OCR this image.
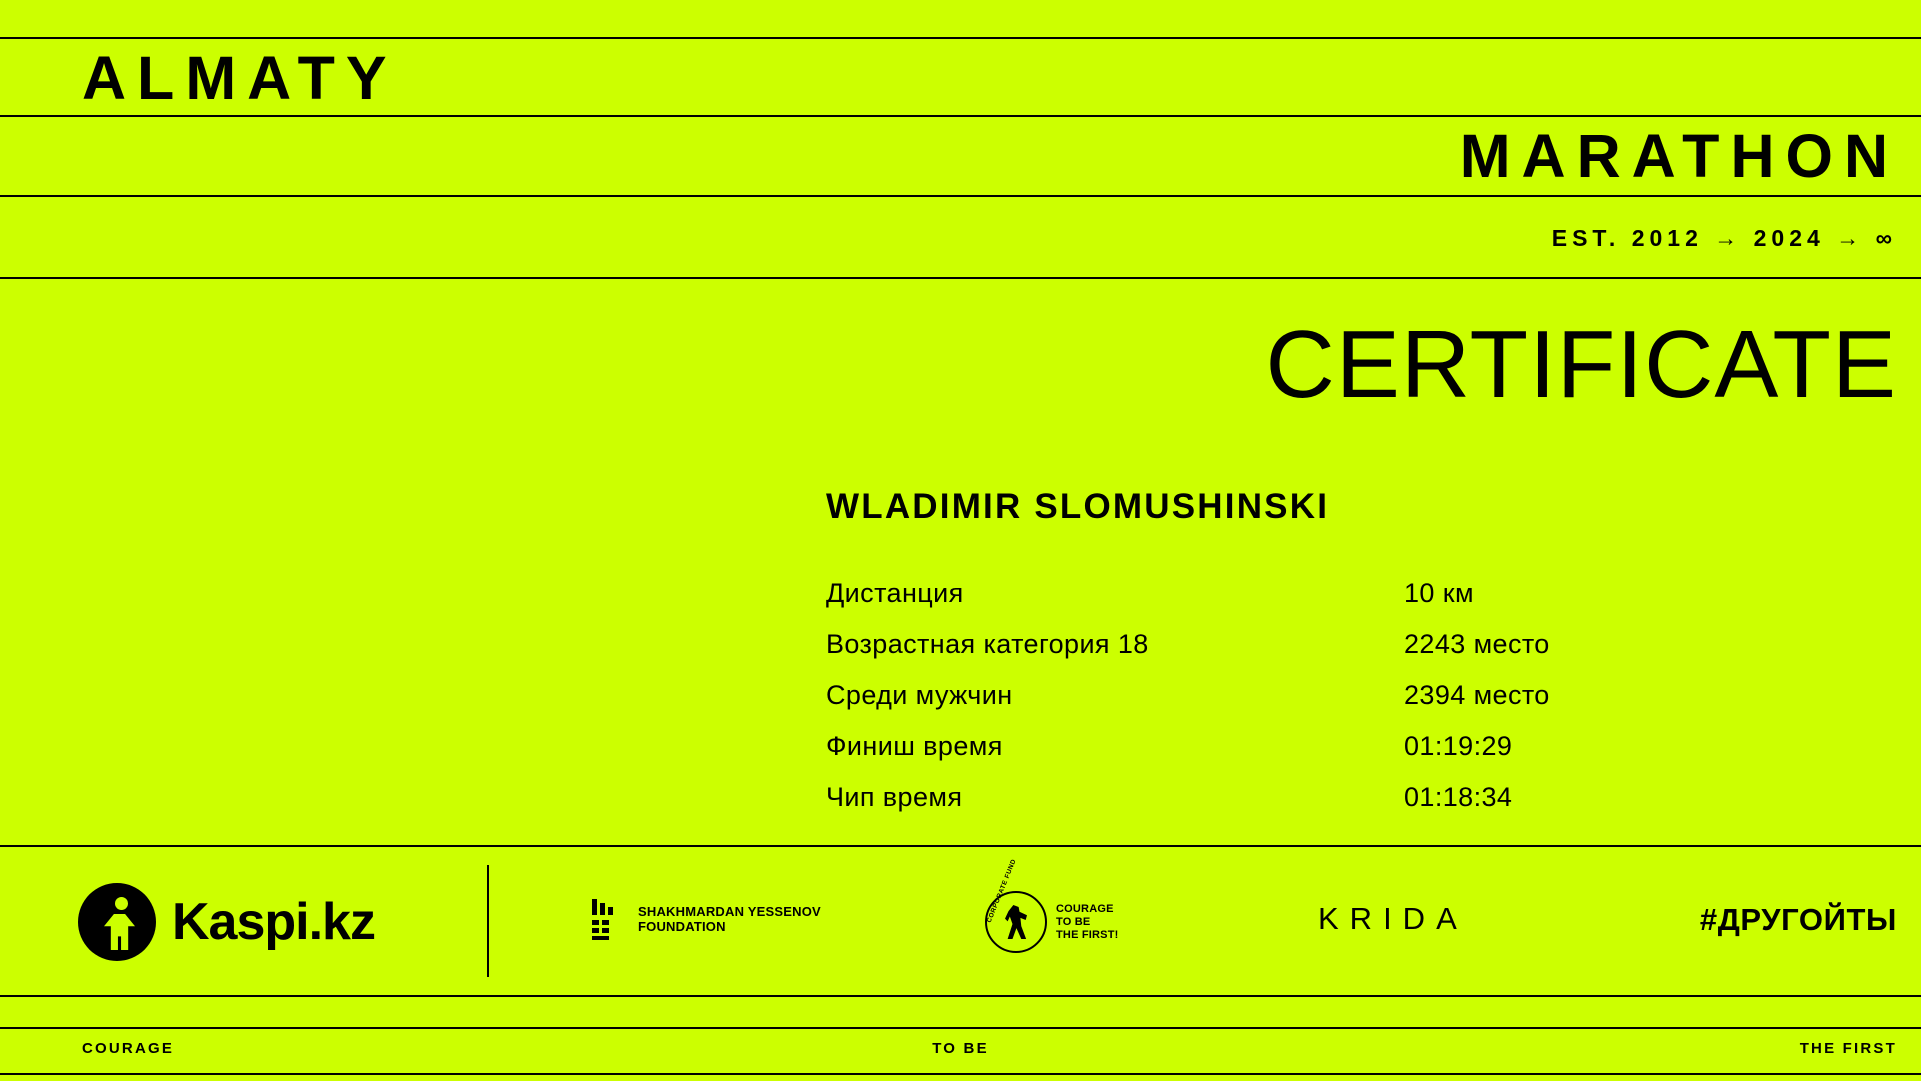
ALMATY
MARATHON
EST. 2012 → 2024 → ∞
CERTIFICATE
WLADIMIR SLOMUSHINSKI
Дистанция	10 км
Возрастная категория 18	2243 место
Среди мужчин	2394 место
Финиш время	01:19:29
Чип время	01:18:34
Kaspi.kz	SHAKHMARDAN YESSENOV
FOUNDATION
CORPORATE FUND	COURAGE
TO BE
THE FIRST!	KRIDA	#ДРУГОЙТЫ
COURAGE	TO BE	THE FIRST
